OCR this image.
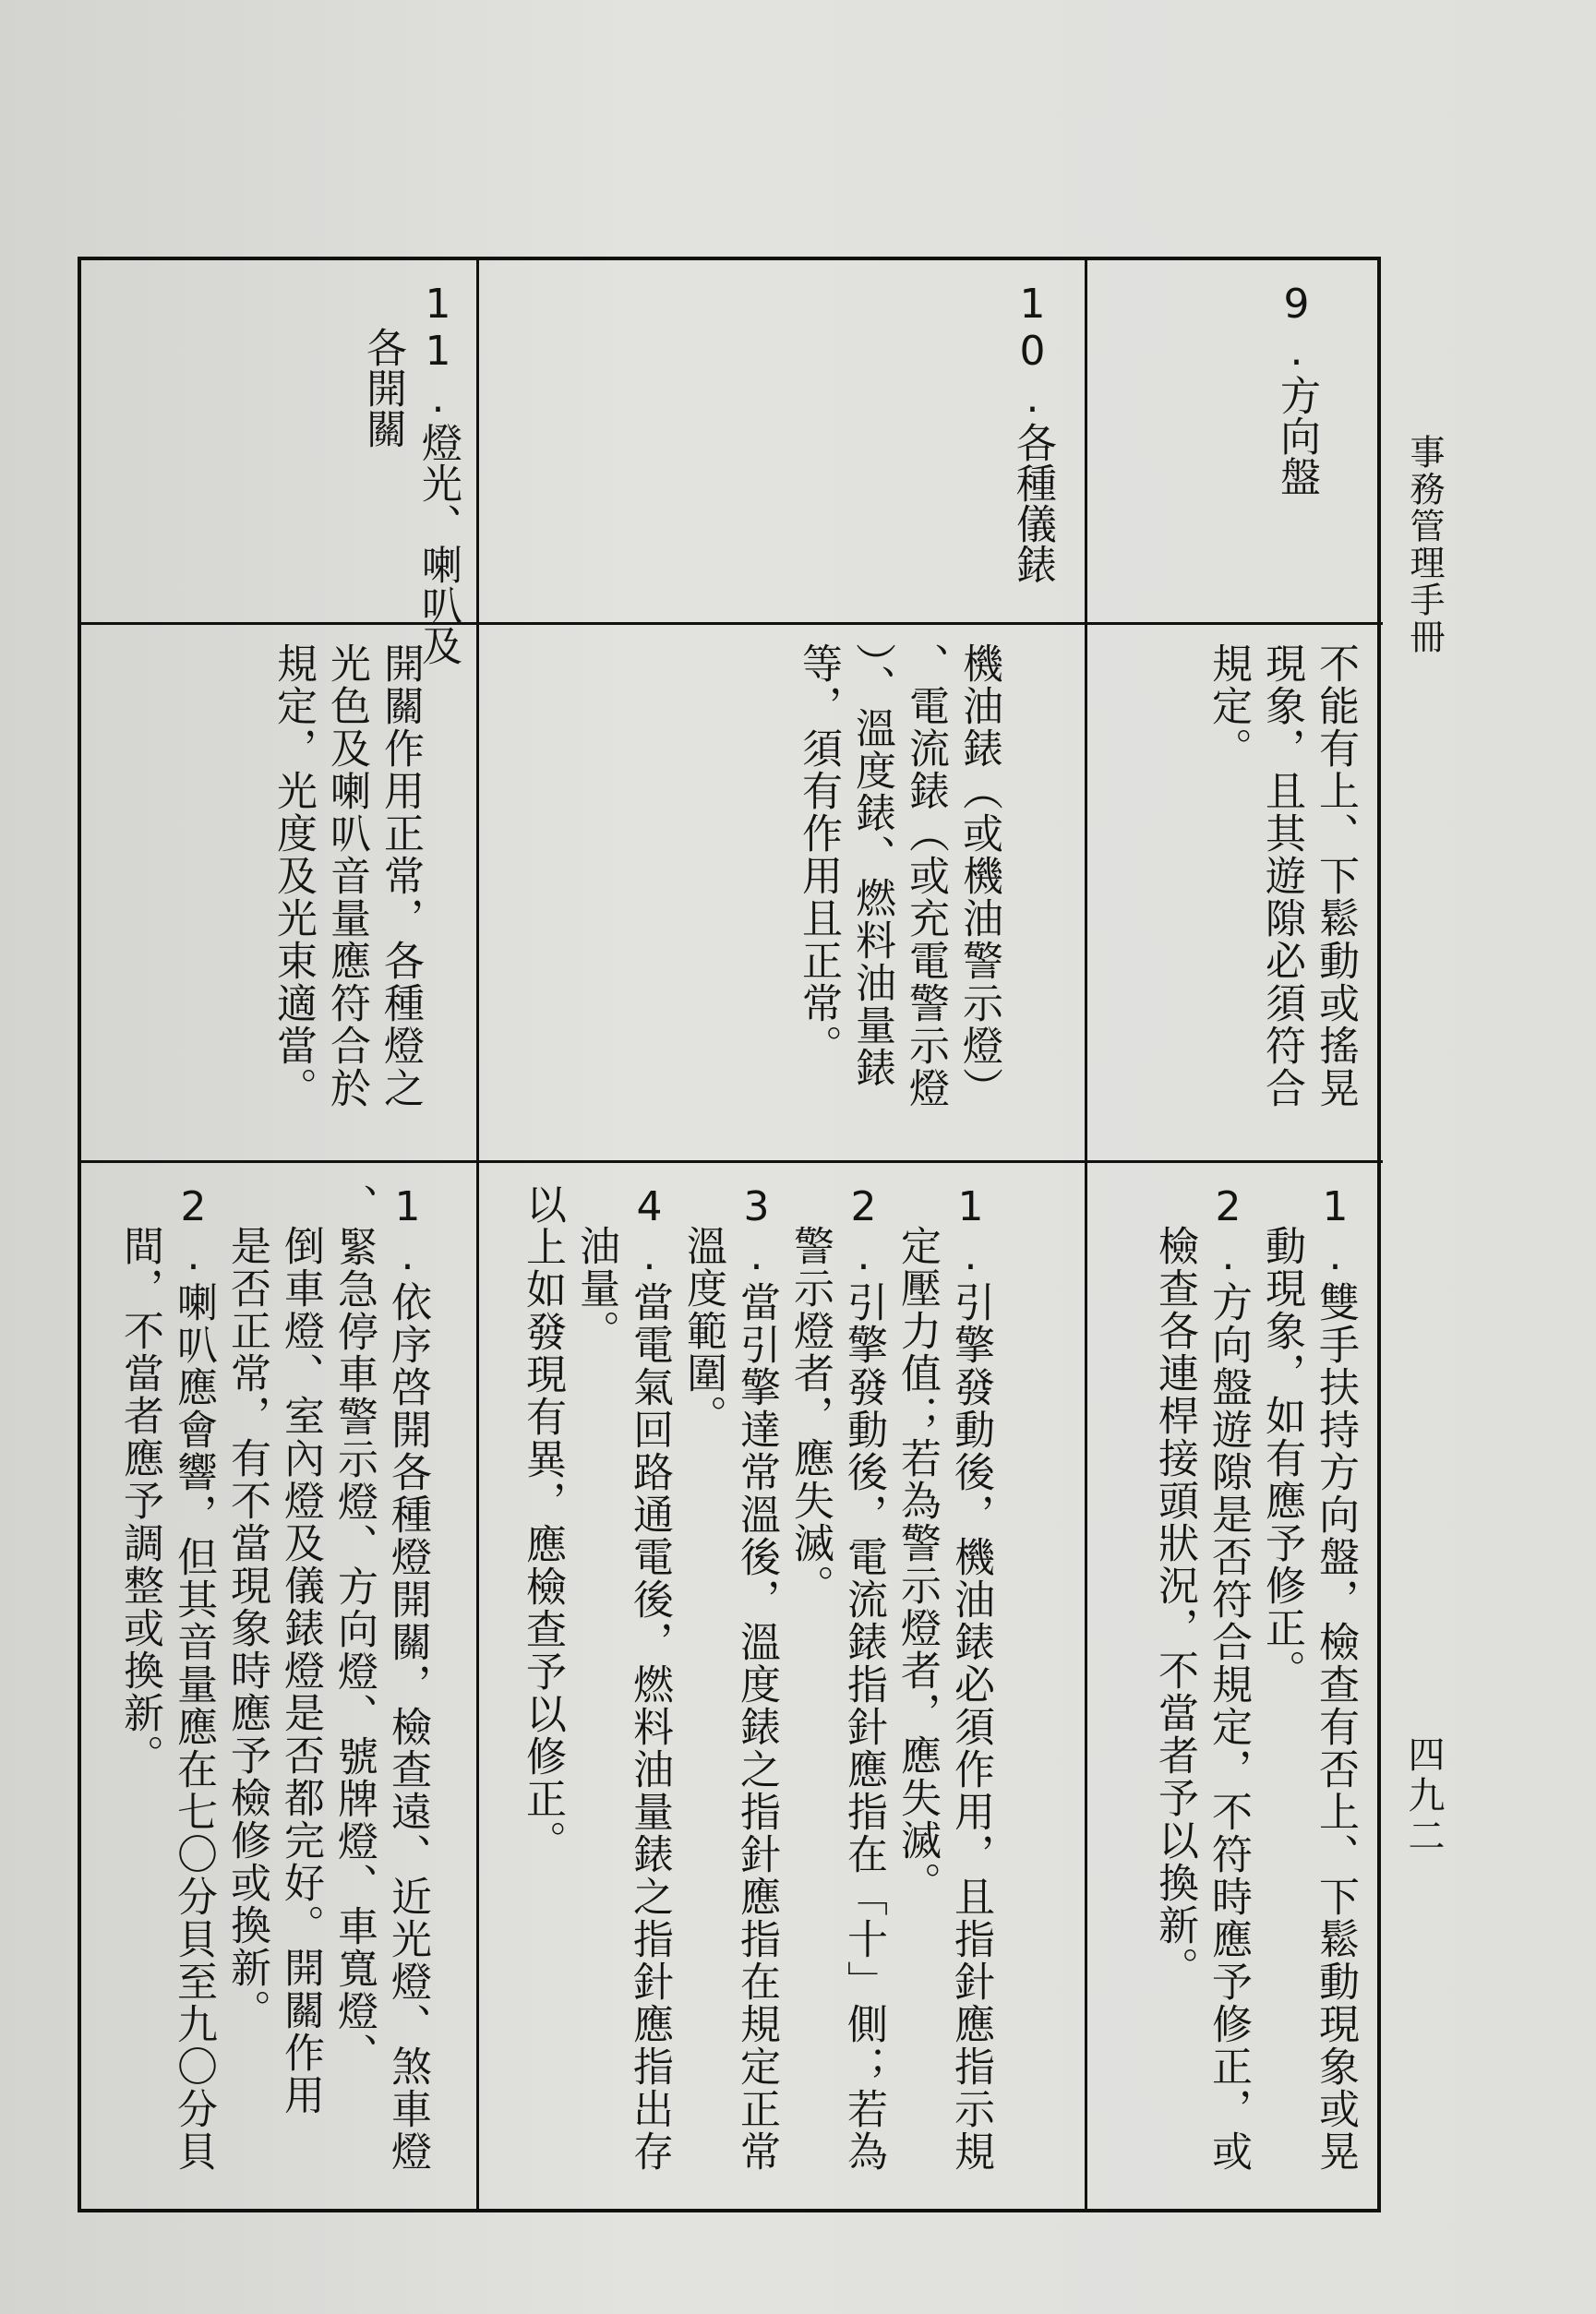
事務管理手冊
四九二
9.方向盤
不能有上、下鬆動或搖晃
現象，且其遊隙必須符合
規定。
1.雙手扶持方向盤，檢查有否上、下鬆動現象或晃
動現象，如有應予修正。
2.方向盤遊隙是否符合規定，不符時應予修正，或
檢查各連桿接頭狀況，不當者予以換新。
10.各種儀錶
機油錶（或機油警示燈）
、電流錶（或充電警示燈
）、溫度錶、燃料油量錶
等，須有作用且正常。
1.引擎發動後，機油錶必須作用，且指針應指示規
定壓力值；若為警示燈者，應失滅。
2.引擎發動後，電流錶指針應指在「十」側；若為
警示燈者，應失滅。
3.當引擎達常溫後，溫度錶之指針應指在規定正常
溫度範圍。
4.當電氣回路通電後，燃料油量錶之指針應指出存
油量。
以上如發現有異，應檢查予以修正。
11.燈光、喇叭及
各開關
開關作用正常，各種燈之
光色及喇叭音量應符合於
規定，光度及光束適當。
1.依序啓開各種燈開關，檢查遠、近光燈、煞車燈
、緊急停車警示燈、方向燈、號牌燈、車寬燈、
倒車燈、室內燈及儀錶燈是否都完好。開關作用
是否正常，有不當現象時應予檢修或換新。
2.喇叭應會響，但其音量應在七〇分貝至九〇分貝
間，不當者應予調整或換新。
